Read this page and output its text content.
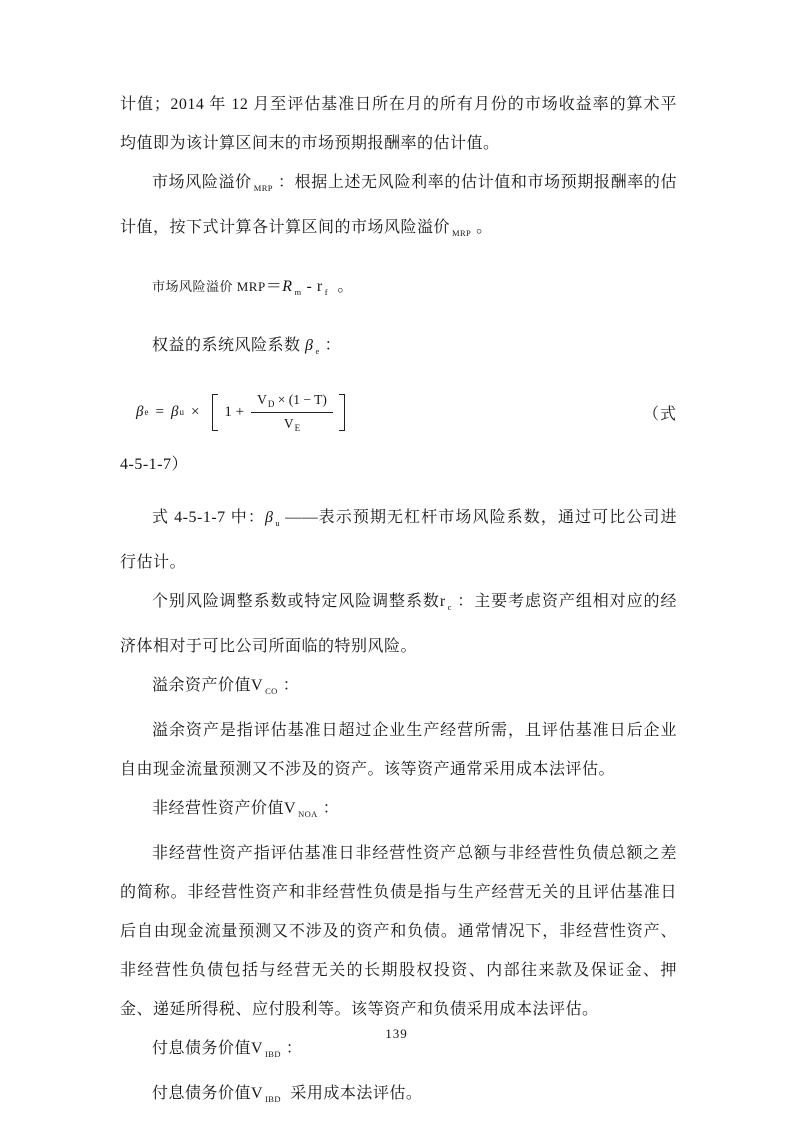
计值；2014 年 12 月至评估基准日所在月的所有月份的市场收益率的算术平均值即为该计算区间末的市场预期报酬率的估计值。

市场风险溢价 $_{MRP}$ ：根据上述无风险利率的估计值和市场预期报酬率的估计值，按下式计算各计算区间的市场风险溢价 $_{MRP}$ 。

市场风险溢价 MRP＝R $_m$ - r $_f$ 。

权益的系统风险系数 β $_e$ ：

β e = β $u \times 1 + \frac{V_D \times (1 - T)}{V_E}$	（式

4-5-1-7）

式 4-5-1-7 中：β $_u$ ——表示预期无杠杆市场风险系数，通过可比公司进行估计。

个别风险调整系数或特定风险调整系数r $_c$ ：主要考虑资产组相对应的经济体相对于可比公司所面临的特别风险。

溢余资产价值V $_{CO}$ ：

溢余资产是指评估基准日超过企业生产经营所需，且评估基准日后企业自由现金流量预测又不涉及的资产。该等资产通常采用成本法评估。

非经营性资产价值V $_{NOA}$ ：

非经营性资产指评估基准日非经营性资产总额与非经营性负债总额之差的简称。非经营性资产和非经营性负债是指与生产经营无关的且评估基准日后自由现金流量预测又不涉及的资产和负债。通常情况下，非经营性资产、非经营性负债包括与经营无关的长期股权投资、内部往来款及保证金、押金、递延所得税、应付股利等。该等资产和负债采用成本法评估。

付息债务价值V $_{IBD}$ ：

付息债务价值V $_{IBD}$ 采用成本法评估。

139
